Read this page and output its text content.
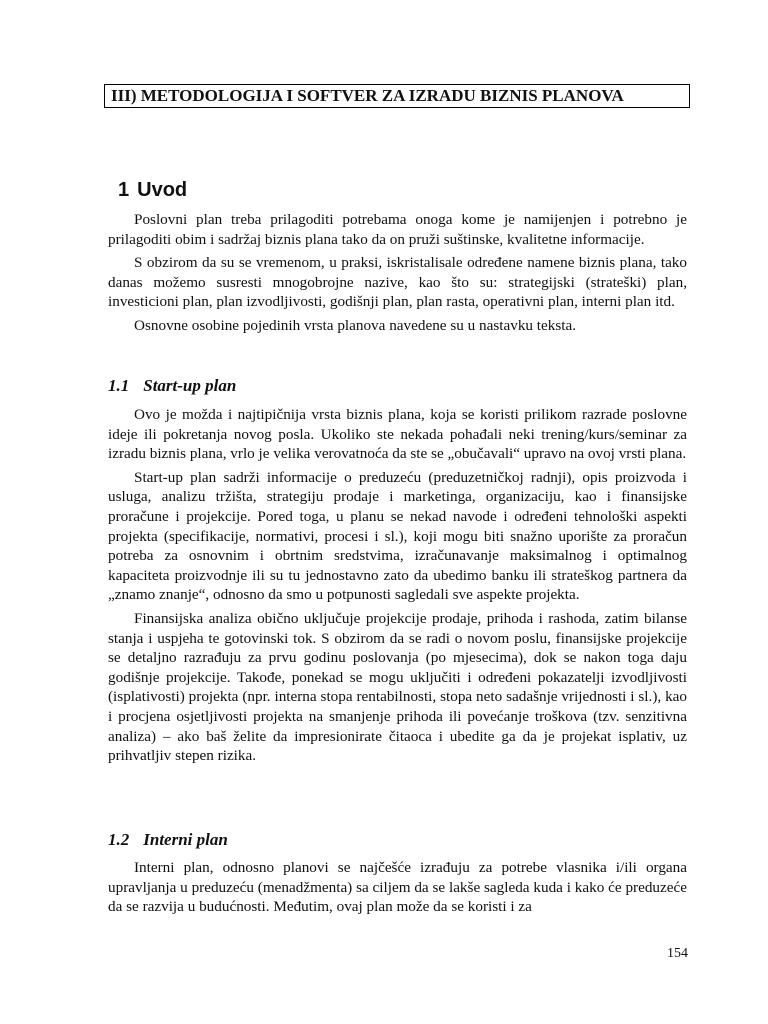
III) METODOLOGIJA I SOFTVER ZA IZRADU BIZNIS PLANOVA
1 Uvod

Poslovni plan treba prilagoditi potrebama onoga kome je namijenjen i potrebno je prilagoditi obim i sadržaj biznis plana tako da on pruži suštinske, kvalitetne informacije.

S obzirom da su se vremenom, u praksi, iskristalisale određene namene biznis plana, tako danas možemo susresti mnogobrojne nazive, kao što su: strategijski (strateški) plan, investicioni plan, plan izvodljivosti, godišnji plan, plan rasta, operativni plan, interni plan itd.

Osnovne osobine pojedinih vrsta planova navedene su u nastavku teksta.

1.1 Start-up plan

Ovo je možda i najtipičnija vrsta biznis plana, koja se koristi prilikom razrade poslovne ideje ili pokretanja novog posla. Ukoliko ste nekada pohađali neki trening/kurs/seminar za izradu biznis plana, vrlo je velika verovatnoća da ste se „obučavali“ upravo na ovoj vrsti plana.

Start-up plan sadrži informacije o preduzeću (preduzetničkoj radnji), opis proizvoda i usluga, analizu tržišta, strategiju prodaje i marketinga, organizaciju, kao i finansijske proračune i projekcije. Pored toga, u planu se nekad navode i određeni tehnološki aspekti projekta (specifikacije, normativi, procesi i sl.), koji mogu biti snažno uporište za proračun potreba za osnovnim i obrtnim sredstvima, izračunavanje maksimalnog i optimalnog kapaciteta proizvodnje ili su tu jednostavno zato da ubedimo banku ili strateškog partnera da „znamo znanje“, odnosno da smo u potpunosti sagledali sve aspekte projekta.

Finansijska analiza obično uključuje projekcije prodaje, prihoda i rashoda, zatim bilanse stanja i uspjeha te gotovinski tok. S obzirom da se radi o novom poslu, finansijske projekcije se detaljno razrađuju za prvu godinu poslovanja (po mjesecima), dok se nakon toga daju godišnje projekcije. Takođe, ponekad se mogu uključiti i određeni pokazatelji izvodljivosti (isplativosti) projekta (npr. interna stopa rentabilnosti, stopa neto sadašnje vrijednosti i sl.), kao i procjena osjetljivosti projekta na smanjenje prihoda ili povećanje troškova (tzv. senzitivna analiza) – ako baš želite da impresionirate čitaoca i ubedite ga da je projekat isplativ, uz prihvatljiv stepen rizika.

1.2 Interni plan

Interni plan, odnosno planovi se najčešće izrađuju za potrebe vlasnika i/ili organa upravljanja u preduzeću (menadžmenta) sa ciljem da se lakše sagleda kuda i kako će preduzeće da se razvija u budućnosti. Međutim, ovaj plan može da se koristi i za

154
